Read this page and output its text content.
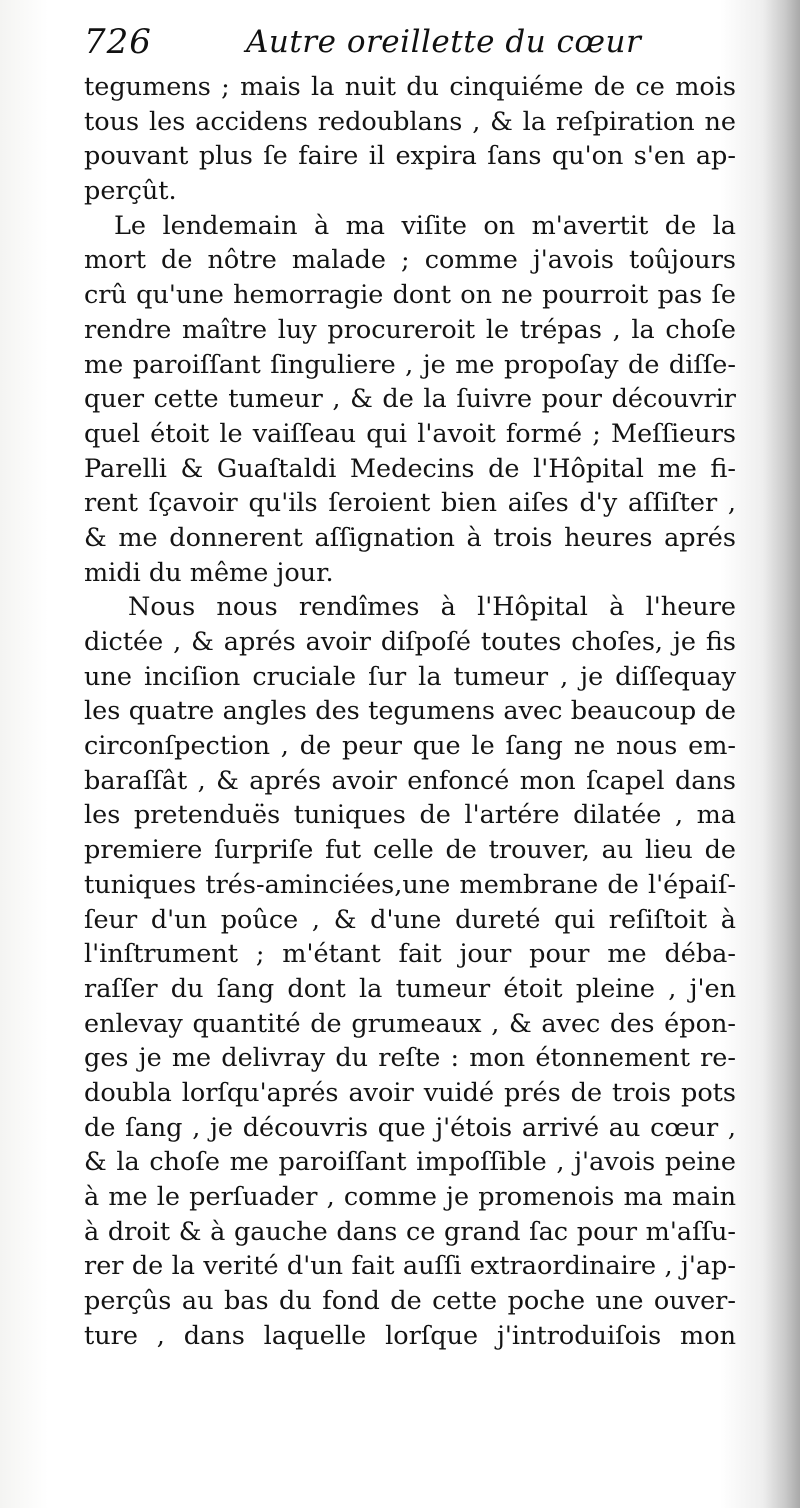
726	Autre oreillette du cœur
tegumens ; mais la nuit du cinquiéme de ce mois
tous les accidens redoublans , & la reſpiration ne
pouvant plus ſe faire il expira ſans qu'on s'en ap-
perçût.
Le lendemain à ma viſite on m'avertit de la
mort de nôtre malade ; comme j'avois toûjours
crû qu'une hemorragie dont on ne pourroit pas ſe
rendre maître luy procureroit le trépas , la choſe
me paroiſſant ſinguliere , je me propoſay de diſſe-
quer cette tumeur , & de la ſuivre pour découvrir
quel étoit le vaiſſeau qui l'avoit formé ; Meſſieurs
Parelli & Guaſtaldi Medecins de l'Hôpital me fi-
rent ſçavoir qu'ils ſeroient bien aiſes d'y aſſiſter ,
& me donnerent aſſignation à trois heures aprés
midi du même jour.
Nous nous rendîmes à l'Hôpital à l'heure
dictée , & aprés avoir diſpoſé toutes choſes, je fis
une inciſion cruciale ſur la tumeur , je diſſequay
les quatre angles des tegumens avec beaucoup de
circonſpection , de peur que le ſang ne nous em-
baraſſât , & aprés avoir enfoncé mon ſcapel dans
les pretenduës tuniques de l'artére dilatée , ma
premiere ſurpriſe fut celle de trouver, au lieu de
tuniques trés-aminciées,une membrane de l'épaiſ-
ſeur d'un poûce , & d'une dureté qui reſiſtoit à
l'inſtrument ; m'étant fait jour pour me déba-
raſſer du ſang dont la tumeur étoit pleine , j'en
enlevay quantité de grumeaux , & avec des épon-
ges je me delivray du reſte : mon étonnement re-
doubla lorſqu'aprés avoir vuidé prés de trois pots
de ſang , je découvris que j'étois arrivé au cœur ,
& la choſe me paroiſſant impoſſible , j'avois peine
à me le perſuader , comme je promenois ma main
à droit & à gauche dans ce grand ſac pour m'aſſu-
rer de la verité d'un fait auſſi extraordinaire , j'ap-
perçûs au bas du fond de cette poche une ouver-
ture , dans laquelle lorſque j'introduiſois mon
